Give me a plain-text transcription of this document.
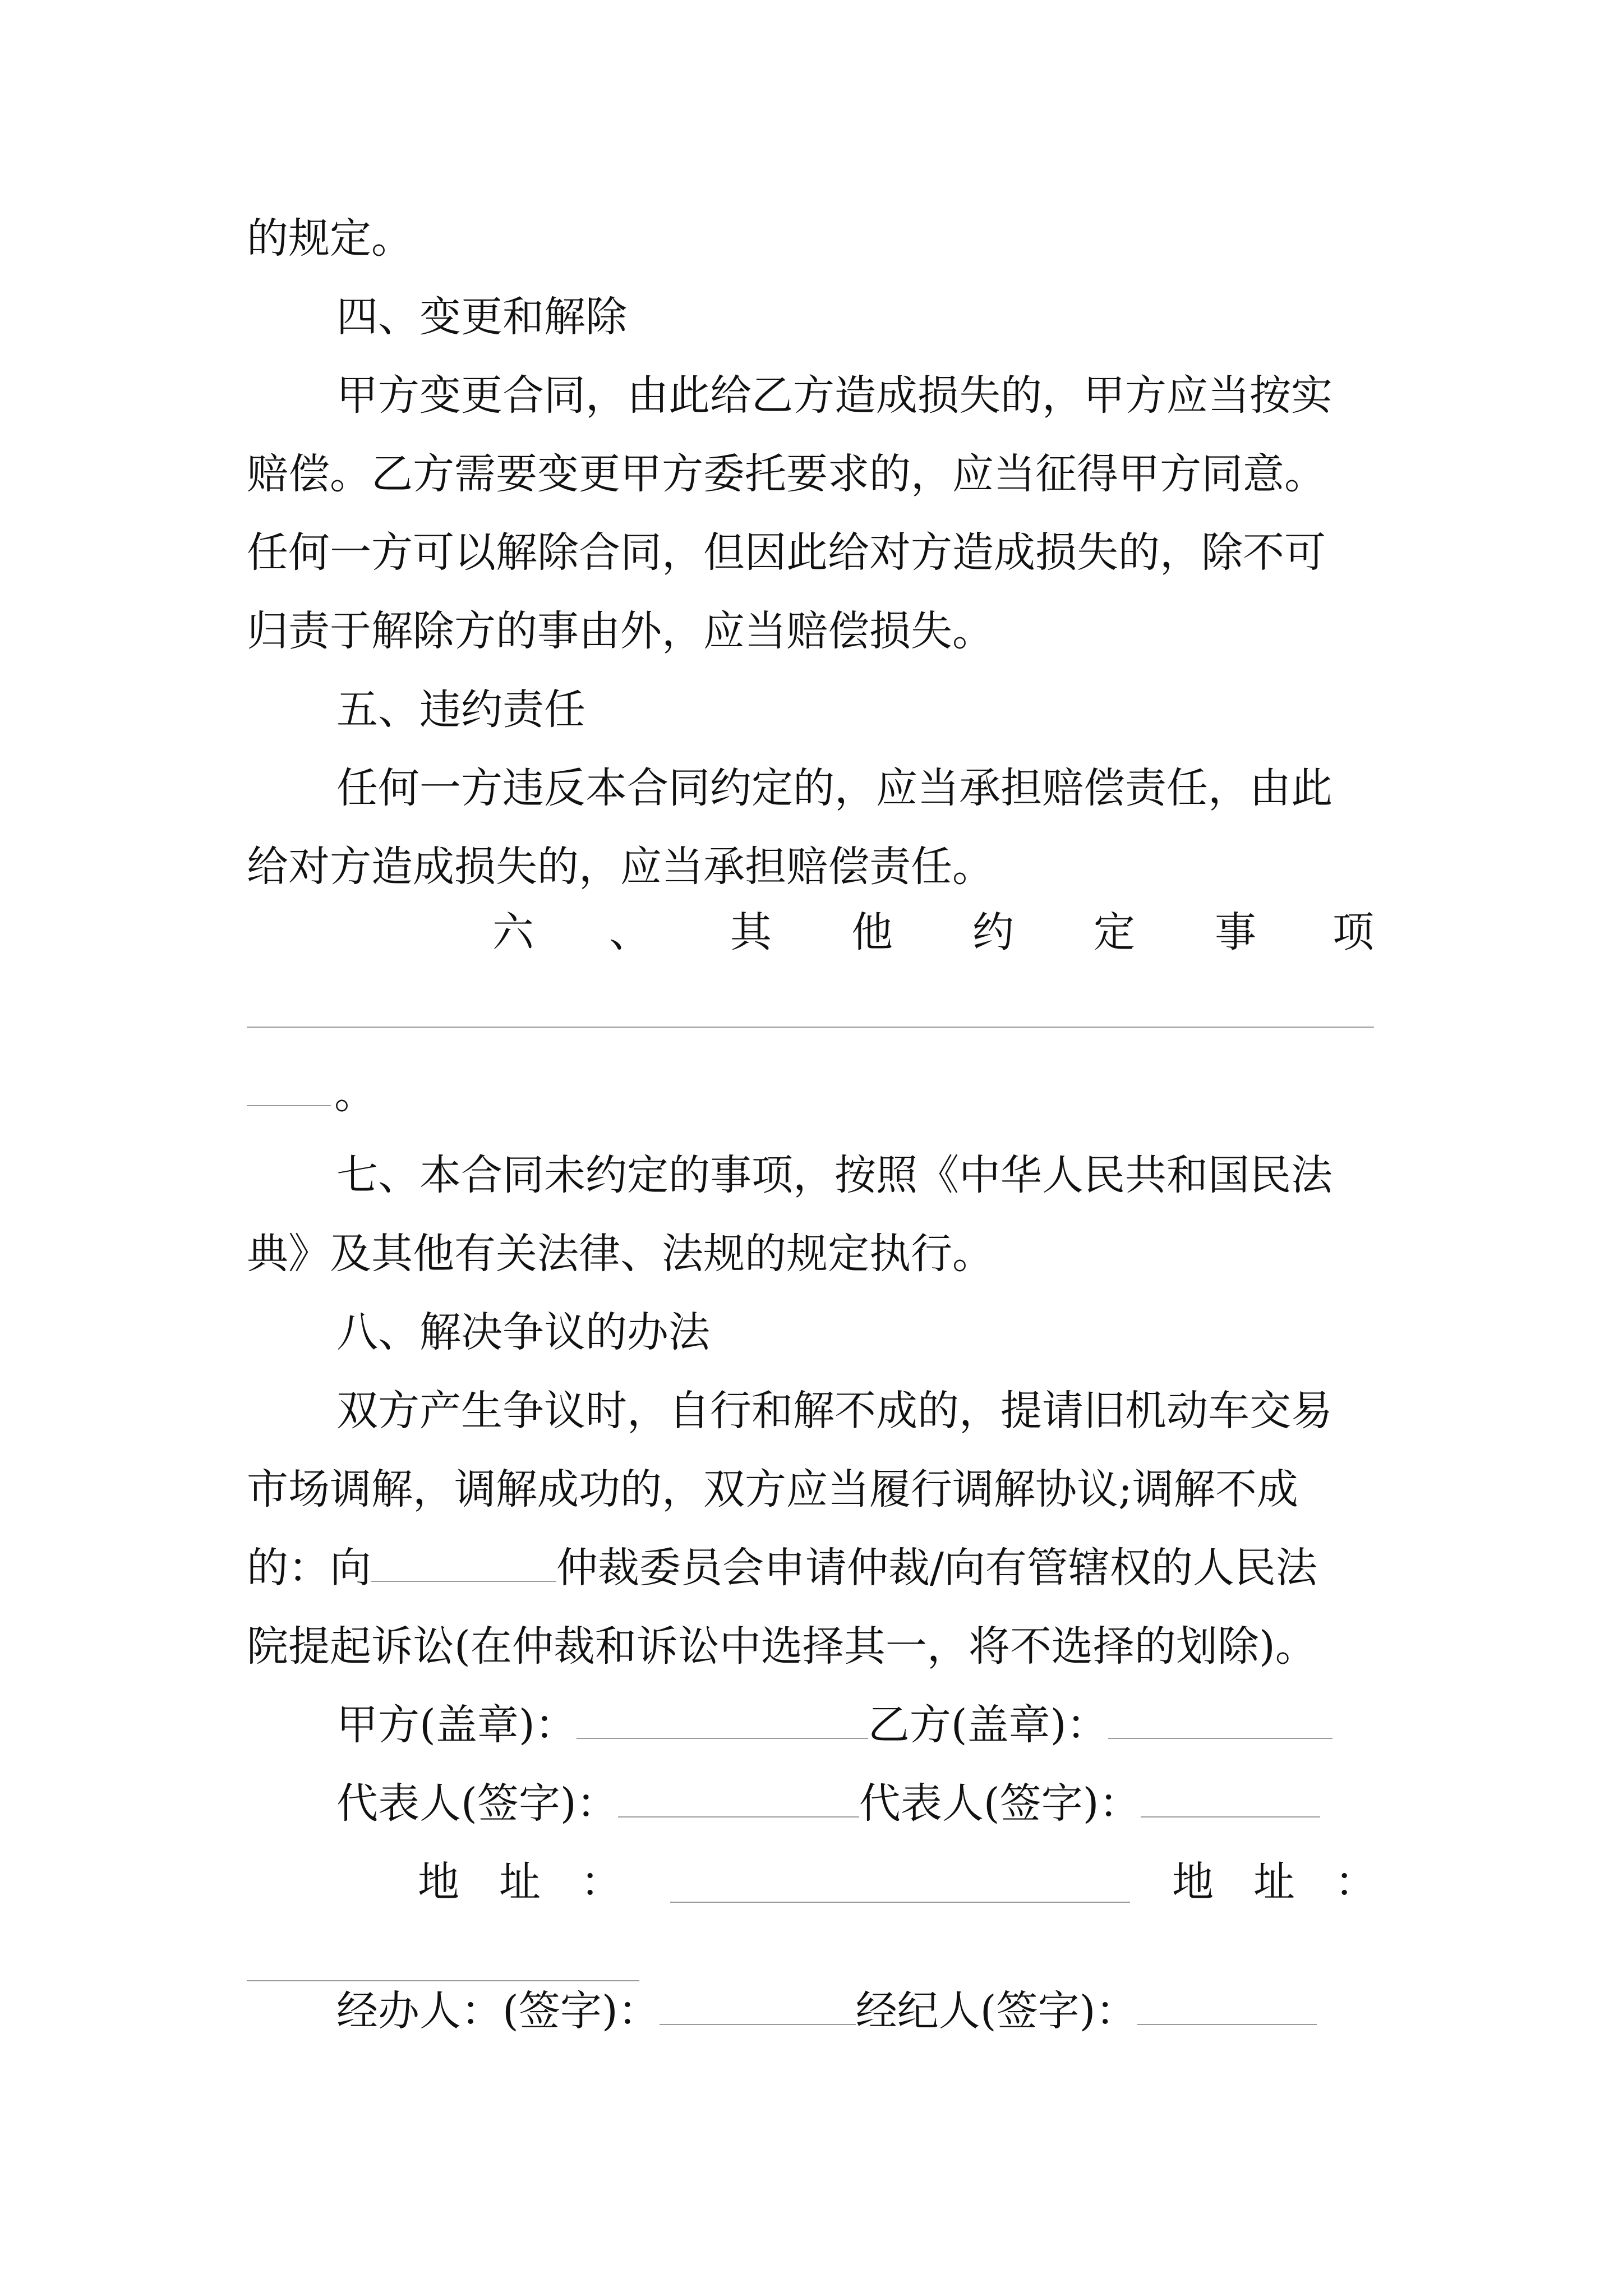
的规定。
四、变更和解除
甲方变更合同，由此给乙方造成损失的，甲方应当按实
赔偿。乙方需要变更甲方委托要求的，应当征得甲方同意。
任何一方可以解除合同，但因此给对方造成损失的，除不可
归责于解除方的事由外，应当赔偿损失。
五、违约责任
任何一方违反本合同约定的，应当承担赔偿责任，由此
给对方造成损失的，应当承担赔偿责任。
六 、 其 他 约 定 事 项
。
七、本合同未约定的事项，按照《中华人民共和国民法
典》及其他有关法律、法规的规定执行。
八、解决争议的办法
双方产生争议时，自行和解不成的，提请旧机动车交易
市场调解，调解成功的，双方应当履行调解协议;调解不成
的：向	仲裁委员会申请仲裁/向有管辖权的人民法
院提起诉讼(在仲裁和诉讼中选择其一，将不选择的划除)。
甲方(盖章)：	乙方(盖章)：
代表人(签字)：	代表人(签字)：
地 址 ：	地 址 ：
经办人：(签字)：	经纪人(签字)：
